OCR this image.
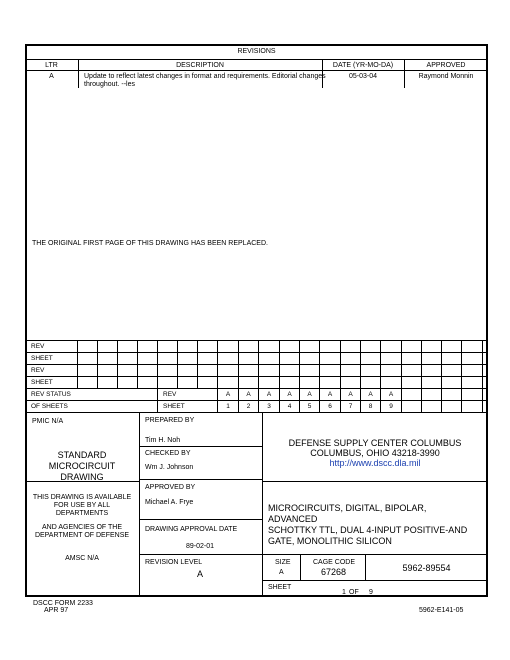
REVISIONS
LTR	DESCRIPTION	DATE (YR-MO-DA)	APPROVED
A	Update to reflect latest changes in format and requirements. Editorial changes
throughout. --les
05-03-04	Raymond Monnin
THE ORIGINAL FIRST PAGE OF THIS DRAWING HAS BEEN REPLACED.
REV																					
SHEET																					
REV																					
SHEET																					
REV STATUS					REV			A	A	A	A	A	A	A	A	A					
OF SHEETS					SHEET			1	2	3	4	5	6	7	8	9					
PMIC N/A
STANDARD
MICROCIRCUIT
DRAWING
THIS DRAWING IS AVAILABLE
FOR USE BY ALL
DEPARTMENTS
AND AGENCIES OF THE
DEPARTMENT OF DEFENSE
AMSC N/A
PREPARED BY
Tim H. Noh
CHECKED BY
Wm J. Johnson
APPROVED BY
Michael A. Frye
DRAWING APPROVAL DATE
89-02-01
REVISION LEVEL
A
DEFENSE SUPPLY CENTER COLUMBUS
COLUMBUS, OHIO 43218-3990
http://www.dscc.dla.mil
MICROCIRCUITS, DIGITAL, BIPOLAR,
ADVANCED
SCHOTTKY TTL, DUAL 4-INPUT POSITIVE-AND
GATE, MONOLITHIC SILICON
SIZE
A
CAGE CODE
67268	5962-89554
SHEET
1 OF 9
DSCC FORM 2233
APR 97	5962-E141-05
